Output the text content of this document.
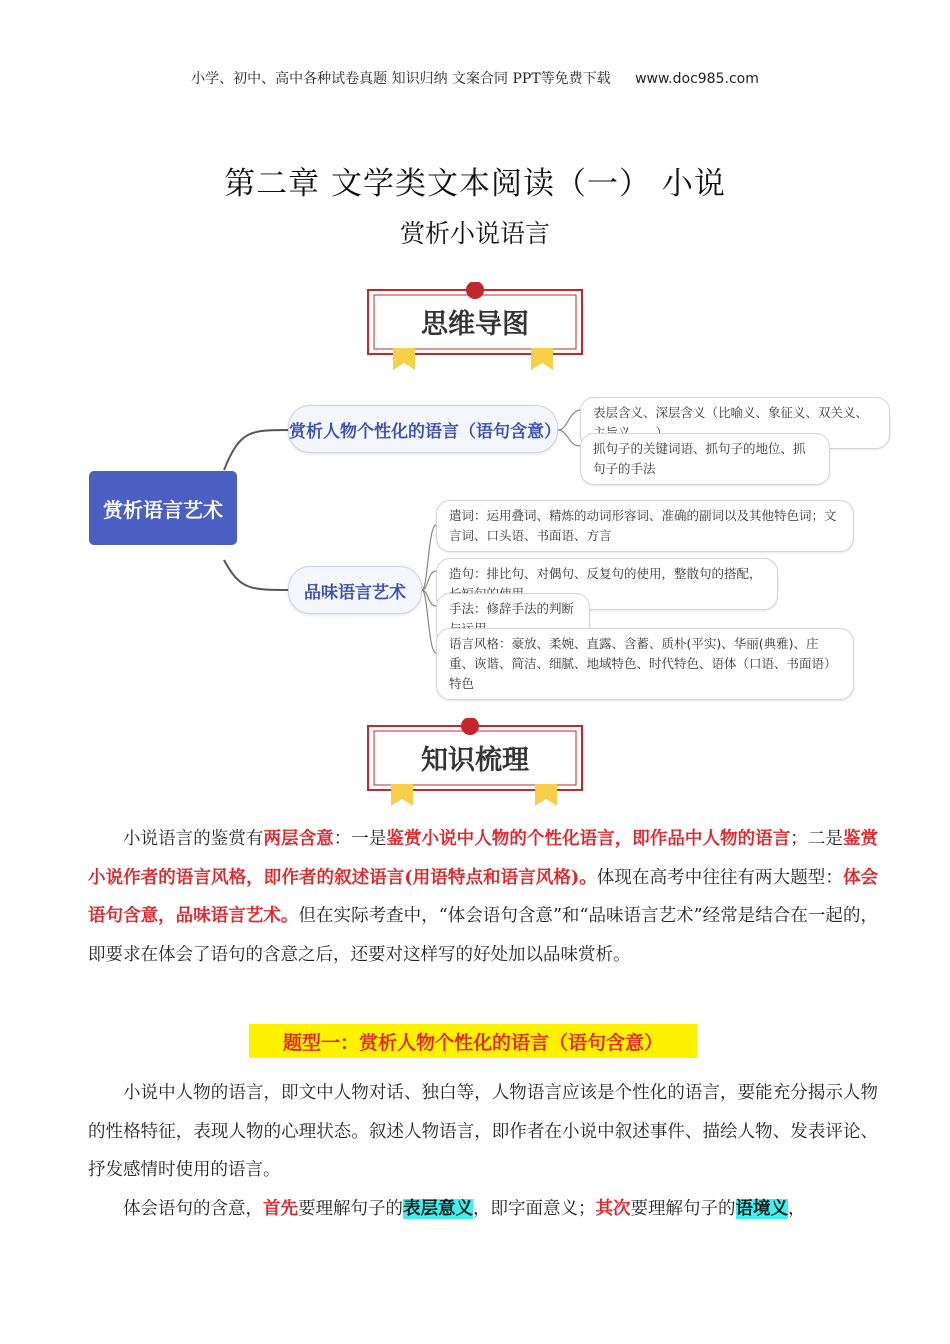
小学、初中、高中各种试卷真题 知识归纳 文案合同 PPT等免费下载 www.doc985.com
第二章 文学类文本阅读（一） 小说
赏析小说语言
思维导图
赏析语言艺术
赏析人物个性化的语言（语句含意）
表层含义、深层含义（比喻义、象征义、双关义、
抓句子的关键词语、抓句子的地位、抓句子的手法
品味语言艺术
遣词：运用叠词、精炼的动词形容词、准确的副词以及其他特色词；文言词、口头语、书面语、方言
造句：排比句、对偶句、反复句的使用，整散句的搭配，
手法：修辞手法的判断
语言风格：豪放、柔婉、直露、含蓄、质朴(平实)、华丽(典雅)、庄重、诙谐、简洁、细腻、地域特色、时代特色、语体（口语、书面语）特色
知识梳理

小说语言的鉴赏有两层含意：一是鉴赏小说中人物的个性化语言，即作品中人物的语言；二是鉴赏小说作者的语言风格，即作者的叙述语言(用语特点和语言风格)。体现在高考中往往有两大题型：体会语句含意，品味语言艺术。但在实际考查中，“体会语句含意”和“品味语言艺术”经常是结合在一起的，即要求在体会了语句的含意之后，还要对这样写的好处加以品味赏析。

题型一：赏析人物个性化的语言（语句含意）

小说中人物的语言，即文中人物对话、独白等，人物语言应该是个性化的语言，要能充分揭示人物的性格特征，表现人物的心理状态。叙述人物语言，即作者在小说中叙述事件、描绘人物、发表评论、抒发感情时使用的语言。

体会语句的含意，首先要理解句子的表层意义，即字面意义；其次要理解句子的语境义，
